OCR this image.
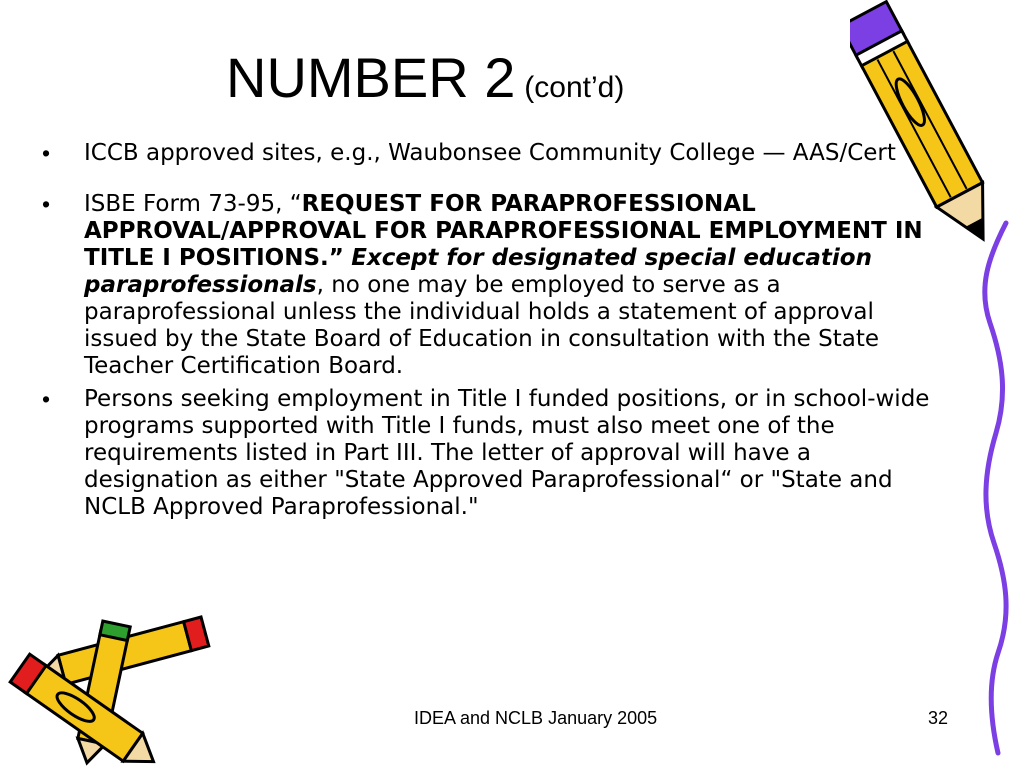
NUMBER 2 (cont’d)
• ICCB approved sites, e.g., Waubonsee Community College — AAS/Cert
• ISBE Form 73-95, “REQUEST FOR PARAPROFESSIONAL APPROVAL/APPROVAL FOR PARAPROFESSIONAL EMPLOYMENT IN TITLE I POSITIONS.” Except for designated special education paraprofessionals, no one may be employed to serve as a paraprofessional unless the individual holds a statement of approval issued by the State Board of Education in consultation with the State Teacher Certification Board.
• Persons seeking employment in Title I funded positions, or in school-wide programs supported with Title I funds, must also meet one of the requirements listed in Part III. The letter of approval will have a designation as either "State Approved Paraprofessional“ or "State and NCLB Approved Paraprofessional."
IDEA and NCLB January 2005	32
